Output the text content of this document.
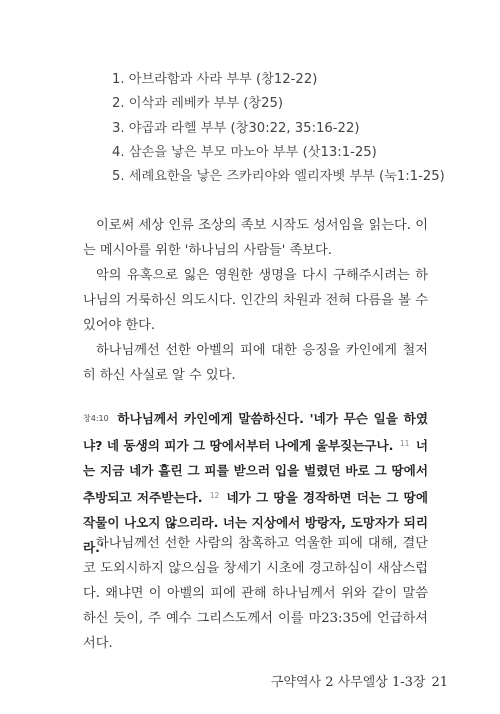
1. 아브라함과 사라 부부 (창12-22)
2. 이삭과 레베카 부부 (창25)
3. 야곱과 라헬 부부 (창30:22, 35:16-22)
4. 삼손을 낳은 부모 마노아 부부 (삿13:1-25)
5. 세례요한을 낳은 즈카리야와 엘리자벳 부부 (눅1:1-25)

이로써 세상 인류 조상의 족보 시작도 성서임을 읽는다. 이는 메시아를 위한 '하나님의 사람들' 족보다.

악의 유혹으로 잃은 영원한 생명을 다시 구해주시려는 하나님의 거룩하신 의도시다. 인간의 차원과 전혀 다름을 볼 수 있어야 한다.

하나님께선 선한 아벨의 피에 대한 응징을 카인에게 철저히 하신 사실로 알 수 있다.

창4:10 하나님께서 카인에게 말씀하신다. '네가 무슨 일을 하였냐? 네 동생의 피가 그 땅에서부터 나에게 울부짖는구나. $^{11}$ 너는 지금 네가 흘린 그 피를 받으러 입을 벌렸던 바로 그 땅에서 추방되고 저주받는다. $^{12}$ 네가 그 땅을 경작하면 더는 그 땅에 작물이 나오지 않으리라. 너는 지상에서 방랑자, 도망자가 되리라.'

하나님께선 선한 사람의 참혹하고 억울한 피에 대해, 결단코 도외시하지 않으심을 창세기 시초에 경고하심이 새삼스럽다. 왜냐면 이 아벨의 피에 관해 하나님께서 위와 같이 말씀하신 듯이, 주 예수 그리스도께서 이를 마23:35에 언급하셔서다.

구약역사 2 사무엘상 1-3장 21
